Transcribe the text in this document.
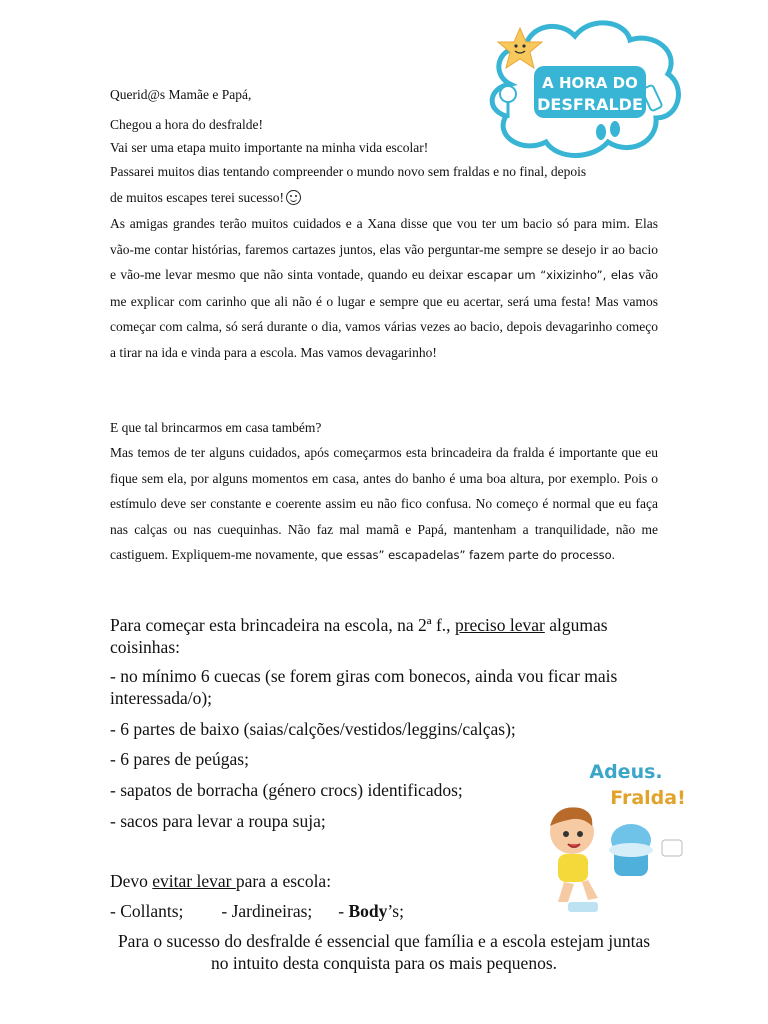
A HORA DO
DESFRALDE

Querid@s Mamãe e Papá,

Chegou a hora do desfralde!

Vai ser uma etapa muito importante na minha vida escolar!

Passarei muitos dias tentando compreender o mundo novo sem fraldas e no final, depois

de muitos escapes terei sucesso!

As amigas grandes terão muitos cuidados e a Xana disse que vou ter um bacio só para mim. Elas vão-me contar histórias, faremos cartazes juntos, elas vão perguntar-me sempre se desejo ir ao bacio e vão-me levar mesmo que não sinta vontade, quando eu deixar escapar um “xixizinho”, elas vão me explicar com carinho que ali não é o lugar e sempre que eu acertar, será uma festa! Mas vamos começar com calma, só será durante o dia, vamos várias vezes ao bacio, depois devagarinho começo a tirar na ida e vinda para a escola. Mas vamos devagarinho!

E que tal brincarmos em casa também?

Mas temos de ter alguns cuidados, após começarmos esta brincadeira da fralda é importante que eu fique sem ela, por alguns momentos em casa, antes do banho é uma boa altura, por exemplo. Pois o estímulo deve ser constante e coerente assim eu não fico confusa. No começo é normal que eu faça nas calças ou nas cuequinhas. Não faz mal mamã e Papá, mantenham a tranquilidade, não me castiguem. Expliquem-me novamente, que essas” escapadelas” fazem parte do processo.

Para começar esta brincadeira na escola, na 2ª f., preciso levar algumas coisinhas:

- no mínimo 6 cuecas (se forem giras com bonecos, ainda vou ficar mais interessada/o);

- 6 partes de baixo (saias/calções/vestidos/leggins/calças);

- 6 pares de peúgas;

- sapatos de borracha (género crocs) identificados;

- sacos para levar a roupa suja;

Devo evitar levar para a escola:

- Collants; - Jardineiras; - Body’s;

Para o sucesso do desfralde é essencial que família e a escola estejam juntas no intuito desta conquista para os mais pequenos.

Adeus.
Fralda!
